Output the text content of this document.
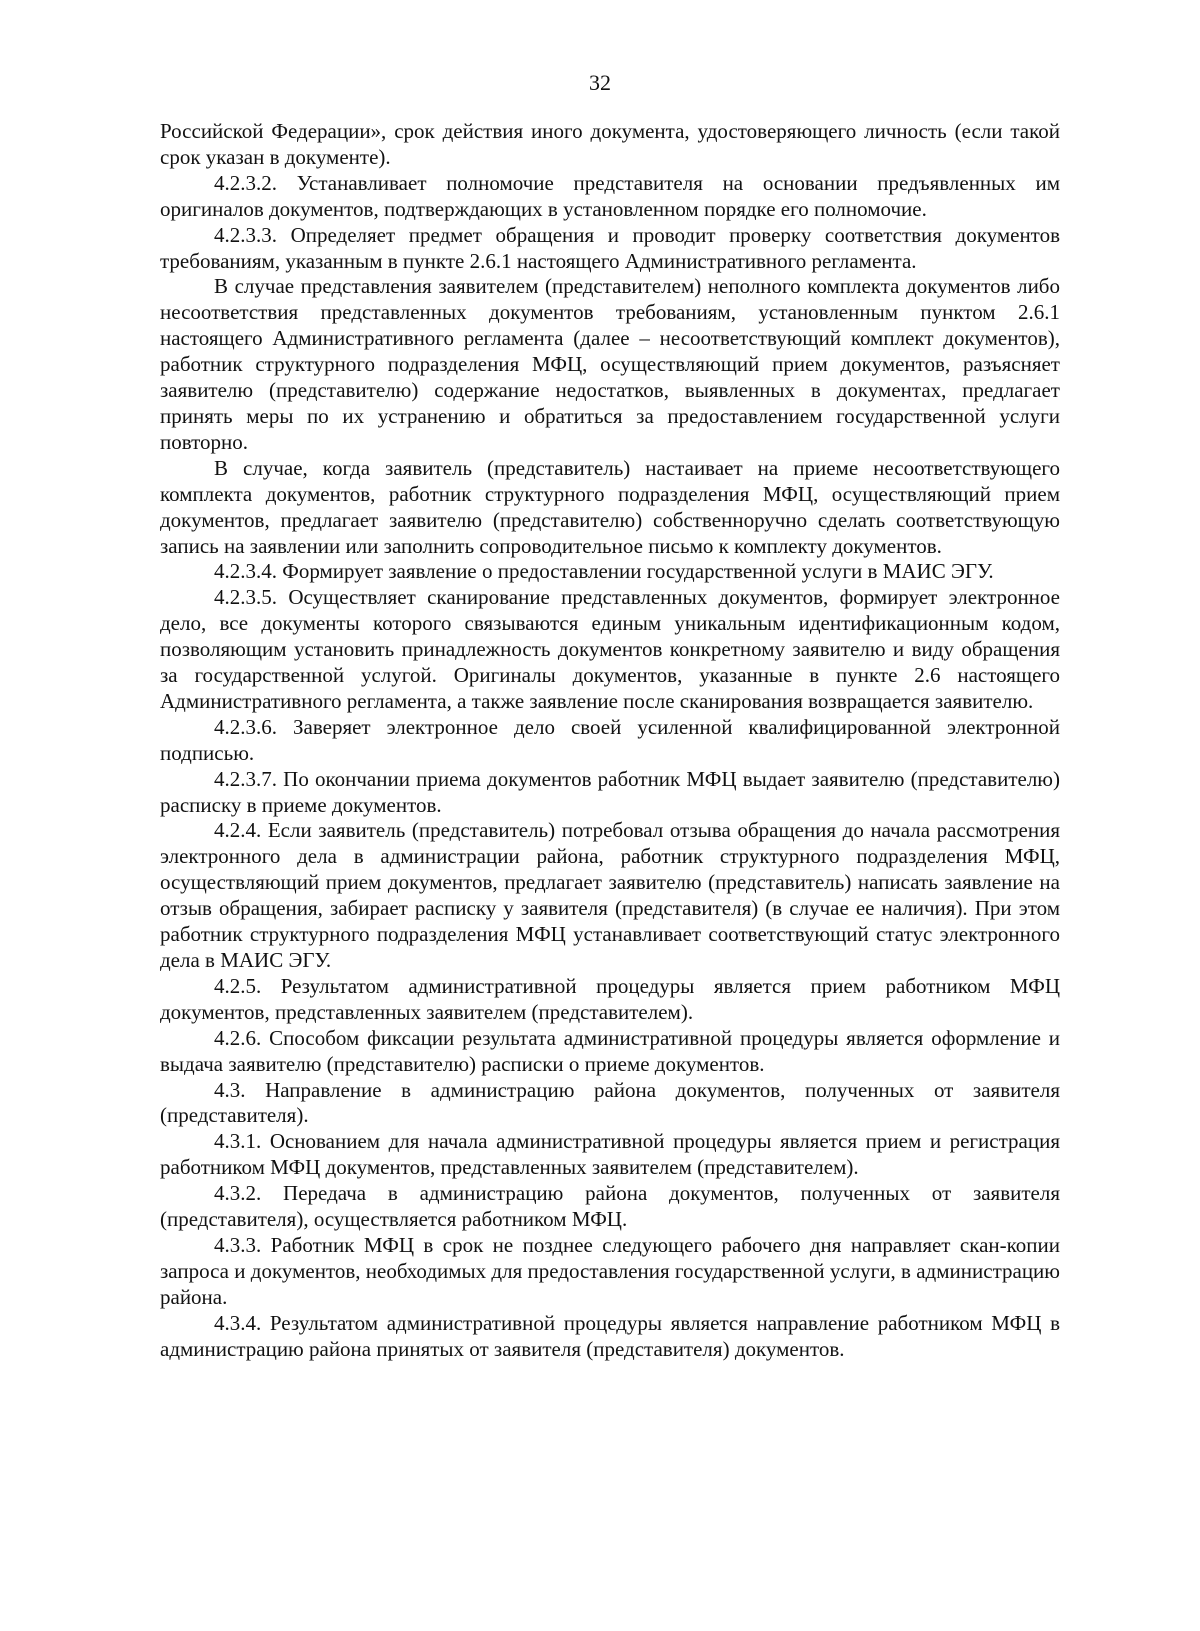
32

Российской Федерации», срок действия иного документа, удостоверяющего личность (если такой срок указан в документе).

4.2.3.2. Устанавливает полномочие представителя на основании предъявленных им оригиналов документов, подтверждающих в установленном порядке его полномочие.

4.2.3.3. Определяет предмет обращения и проводит проверку соответствия документов требованиям, указанным в пункте 2.6.1 настоящего Административного регламента.

В случае представления заявителем (представителем) неполного комплекта документов либо несоответствия представленных документов требованиям, установленным пунктом 2.6.1 настоящего Административного регламента (далее – несоответствующий комплект документов), работник структурного подразделения МФЦ, осуществляющий прием документов, разъясняет заявителю (представителю) содержание недостатков, выявленных в документах, предлагает принять меры по их устранению и обратиться за предоставлением государственной услуги повторно.

В случае, когда заявитель (представитель) настаивает на приеме несоответствующего комплекта документов, работник структурного подразделения МФЦ, осуществляющий прием документов, предлагает заявителю (представителю) собственноручно сделать соответствующую запись на заявлении или заполнить сопроводительное письмо к комплекту документов.

4.2.3.4. Формирует заявление о предоставлении государственной услуги в МАИС ЭГУ.

4.2.3.5. Осуществляет сканирование представленных документов, формирует электронное дело, все документы которого связываются единым уникальным идентификационным кодом, позволяющим установить принадлежность документов конкретному заявителю и виду обращения за государственной услугой. Оригиналы документов, указанные в пункте 2.6 настоящего Административного регламента, а также заявление после сканирования возвращается заявителю.

4.2.3.6. Заверяет электронное дело своей усиленной квалифицированной электронной подписью.

4.2.3.7. По окончании приема документов работник МФЦ выдает заявителю (представителю) расписку в приеме документов.

4.2.4. Если заявитель (представитель) потребовал отзыва обращения до начала рассмотрения электронного дела в администрации района, работник структурного подразделения МФЦ, осуществляющий прием документов, предлагает заявителю (представитель) написать заявление на отзыв обращения, забирает расписку у заявителя (представителя) (в случае ее наличия). При этом работник структурного подразделения МФЦ устанавливает соответствующий статус электронного дела в МАИС ЭГУ.

4.2.5. Результатом административной процедуры является прием работником МФЦ документов, представленных заявителем (представителем).

4.2.6. Способом фиксации результата административной процедуры является оформление и выдача заявителю (представителю) расписки о приеме документов.

4.3. Направление в администрацию района документов, полученных от заявителя (представителя).

4.3.1. Основанием для начала административной процедуры является прием и регистрация работником МФЦ документов, представленных заявителем (представителем).

4.3.2. Передача в администрацию района документов, полученных от заявителя (представителя), осуществляется работником МФЦ.

4.3.3. Работник МФЦ в срок не позднее следующего рабочего дня направляет скан-копии запроса и документов, необходимых для предоставления государственной услуги, в администрацию района.

4.3.4. Результатом административной процедуры является направление работником МФЦ в администрацию района принятых от заявителя (представителя) документов.
